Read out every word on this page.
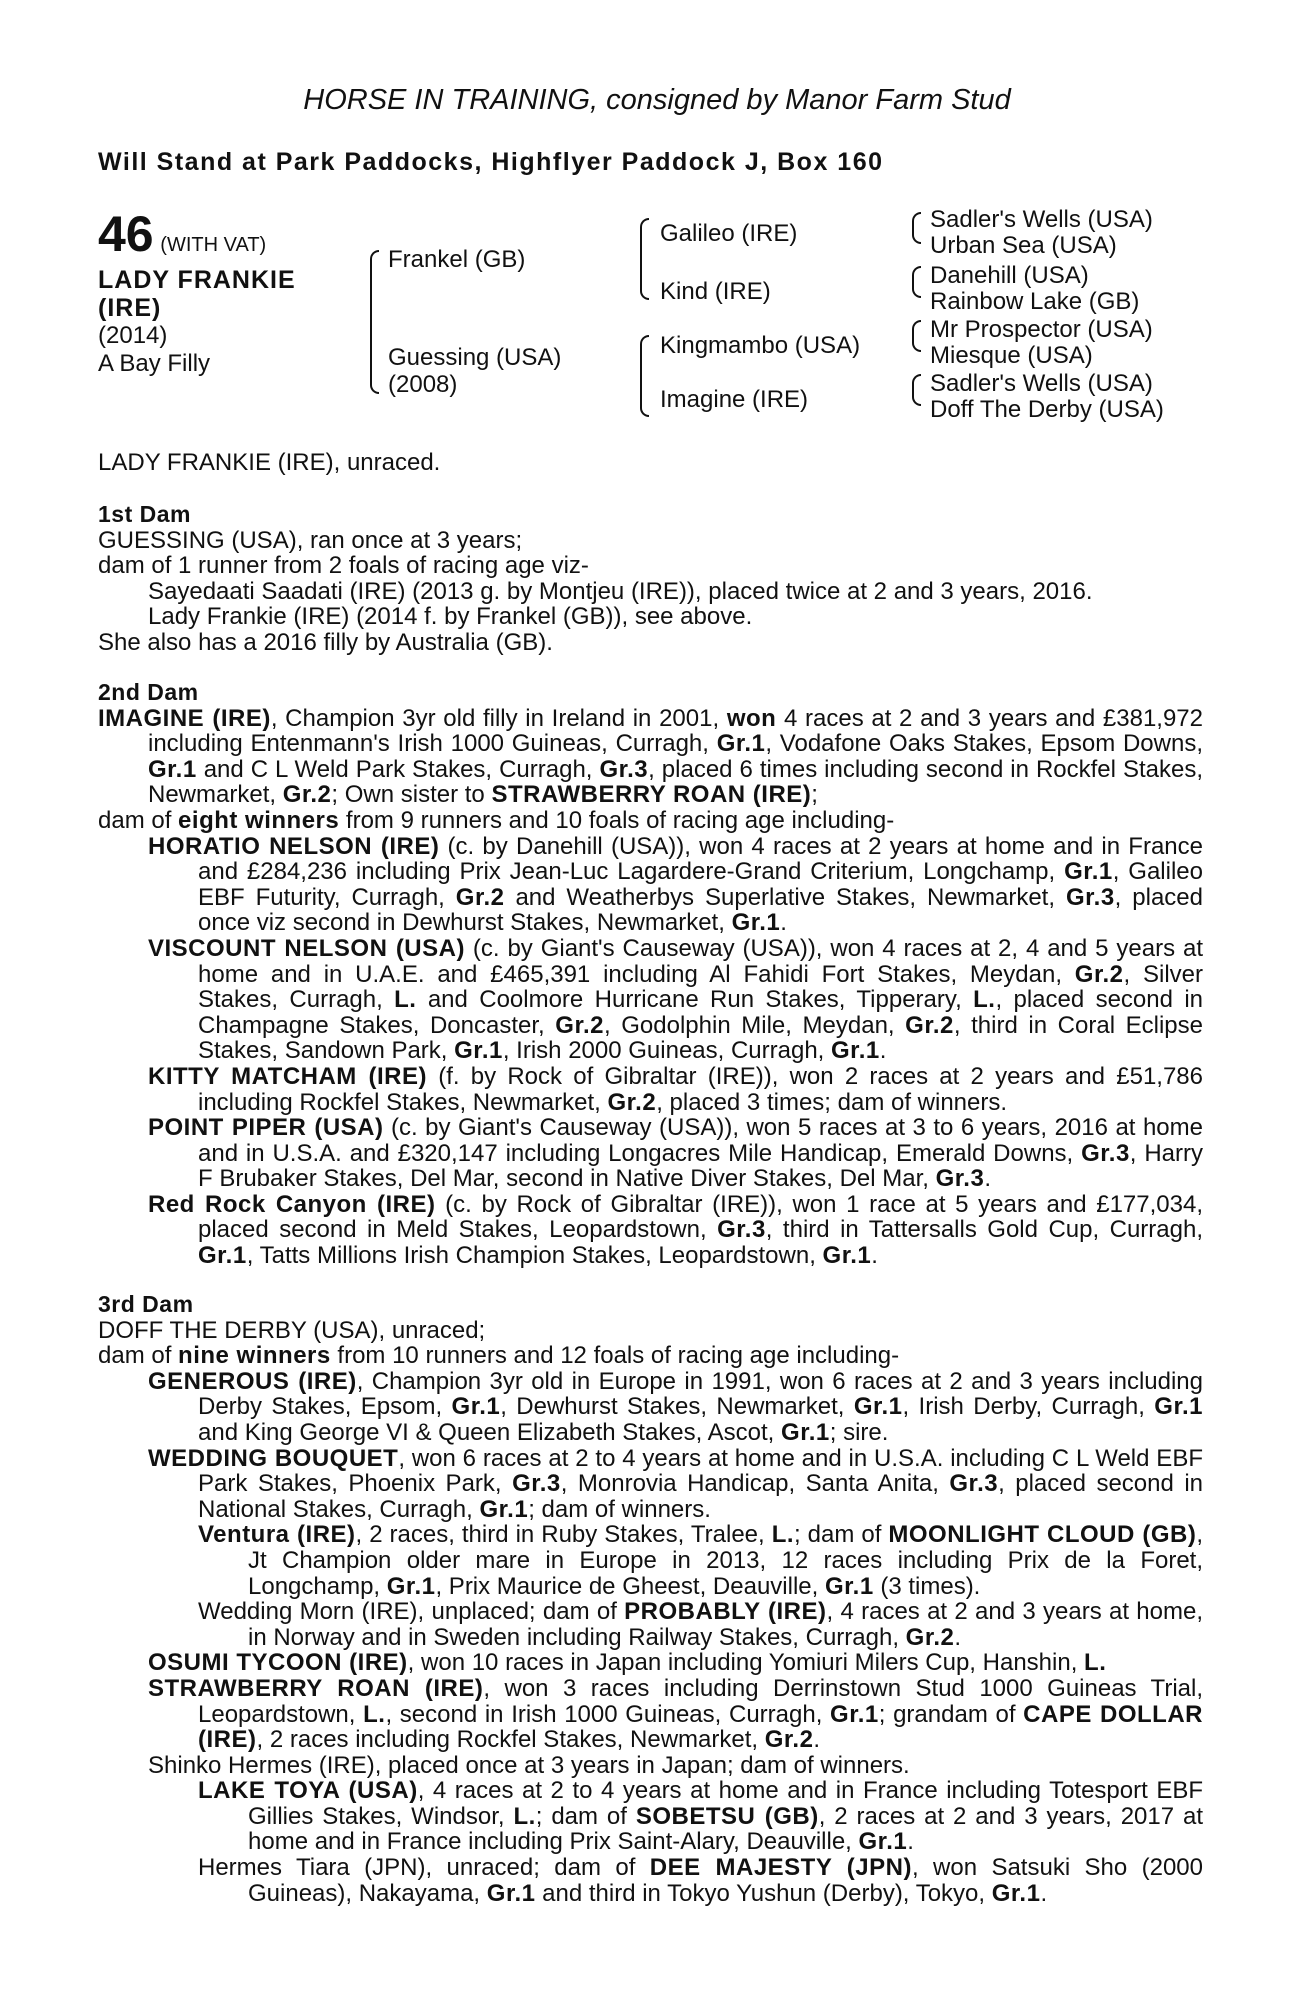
HORSE IN TRAINING, consigned by Manor Farm Stud
Will Stand at Park Paddocks, Highflyer Paddock J, Box 160
46 (WITH VAT)
LADY FRANKIE
(IRE)
(2014)
A Bay Filly
Frankel (GB)
Guessing (USA)
(2008)
Galileo (IRE)
Kind (IRE)
Kingmambo (USA)
Imagine (IRE)
Sadler's Wells (USA)
Urban Sea (USA)
Danehill (USA)
Rainbow Lake (GB)
Mr Prospector (USA)
Miesque (USA)
Sadler's Wells (USA)
Doff The Derby (USA)

LADY FRANKIE (IRE), unraced.

1st Dam

GUESSING (USA), ran once at 3 years;

dam of 1 runner from 2 foals of racing age viz-

Sayedaati Saadati (IRE) (2013 g. by Montjeu (IRE)), placed twice at 2 and 3 years, 2016.

Lady Frankie (IRE) (2014 f. by Frankel (GB)), see above.

She also has a 2016 filly by Australia (GB).

2nd Dam

IMAGINE (IRE), Champion 3yr old filly in Ireland in 2001, won 4 races at 2 and 3 years and £381,972 including Entenmann's Irish 1000 Guineas, Curragh, Gr.1, Vodafone Oaks Stakes, Epsom Downs, Gr.1 and C L Weld Park Stakes, Curragh, Gr.3, placed 6 times including second in Rockfel Stakes, Newmarket, Gr.2; Own sister to STRAWBERRY ROAN (IRE);

dam of eight winners from 9 runners and 10 foals of racing age including-

HORATIO NELSON (IRE) (c. by Danehill (USA)), won 4 races at 2 years at home and in France and £284,236 including Prix Jean-Luc Lagardere-Grand Criterium, Longchamp, Gr.1, Galileo EBF Futurity, Curragh, Gr.2 and Weatherbys Superlative Stakes, Newmarket, Gr.3, placed once viz second in Dewhurst Stakes, Newmarket, Gr.1.

VISCOUNT NELSON (USA) (c. by Giant's Causeway (USA)), won 4 races at 2, 4 and 5 years at home and in U.A.E. and £465,391 including Al Fahidi Fort Stakes, Meydan, Gr.2, Silver Stakes, Curragh, L. and Coolmore Hurricane Run Stakes, Tipperary, L., placed second in Champagne Stakes, Doncaster, Gr.2, Godolphin Mile, Meydan, Gr.2, third in Coral Eclipse Stakes, Sandown Park, Gr.1, Irish 2000 Guineas, Curragh, Gr.1.

KITTY MATCHAM (IRE) (f. by Rock of Gibraltar (IRE)), won 2 races at 2 years and £51,786 including Rockfel Stakes, Newmarket, Gr.2, placed 3 times; dam of winners.

POINT PIPER (USA) (c. by Giant's Causeway (USA)), won 5 races at 3 to 6 years, 2016 at home and in U.S.A. and £320,147 including Longacres Mile Handicap, Emerald Downs, Gr.3, Harry F Brubaker Stakes, Del Mar, second in Native Diver Stakes, Del Mar, Gr.3.

Red Rock Canyon (IRE) (c. by Rock of Gibraltar (IRE)), won 1 race at 5 years and £177,034, placed second in Meld Stakes, Leopardstown, Gr.3, third in Tattersalls Gold Cup, Curragh, Gr.1, Tatts Millions Irish Champion Stakes, Leopardstown, Gr.1.

3rd Dam

DOFF THE DERBY (USA), unraced;

dam of nine winners from 10 runners and 12 foals of racing age including-

GENEROUS (IRE), Champion 3yr old in Europe in 1991, won 6 races at 2 and 3 years including Derby Stakes, Epsom, Gr.1, Dewhurst Stakes, Newmarket, Gr.1, Irish Derby, Curragh, Gr.1 and King George VI & Queen Elizabeth Stakes, Ascot, Gr.1; sire.

WEDDING BOUQUET, won 6 races at 2 to 4 years at home and in U.S.A. including C L Weld EBF Park Stakes, Phoenix Park, Gr.3, Monrovia Handicap, Santa Anita, Gr.3, placed second in National Stakes, Curragh, Gr.1; dam of winners.

Ventura (IRE), 2 races, third in Ruby Stakes, Tralee, L.; dam of MOONLIGHT CLOUD (GB), Jt Champion older mare in Europe in 2013, 12 races including Prix de la Foret, Longchamp, Gr.1, Prix Maurice de Gheest, Deauville, Gr.1 (3 times).

Wedding Morn (IRE), unplaced; dam of PROBABLY (IRE), 4 races at 2 and 3 years at home, in Norway and in Sweden including Railway Stakes, Curragh, Gr.2.

OSUMI TYCOON (IRE), won 10 races in Japan including Yomiuri Milers Cup, Hanshin, L.

STRAWBERRY ROAN (IRE), won 3 races including Derrinstown Stud 1000 Guineas Trial, Leopardstown, L., second in Irish 1000 Guineas, Curragh, Gr.1; grandam of CAPE DOLLAR (IRE), 2 races including Rockfel Stakes, Newmarket, Gr.2.

Shinko Hermes (IRE), placed once at 3 years in Japan; dam of winners.

LAKE TOYA (USA), 4 races at 2 to 4 years at home and in France including Totesport EBF Gillies Stakes, Windsor, L.; dam of SOBETSU (GB), 2 races at 2 and 3 years, 2017 at home and in France including Prix Saint-Alary, Deauville, Gr.1.

Hermes Tiara (JPN), unraced; dam of DEE MAJESTY (JPN), won Satsuki Sho (2000 Guineas), Nakayama, Gr.1 and third in Tokyo Yushun (Derby), Tokyo, Gr.1.
